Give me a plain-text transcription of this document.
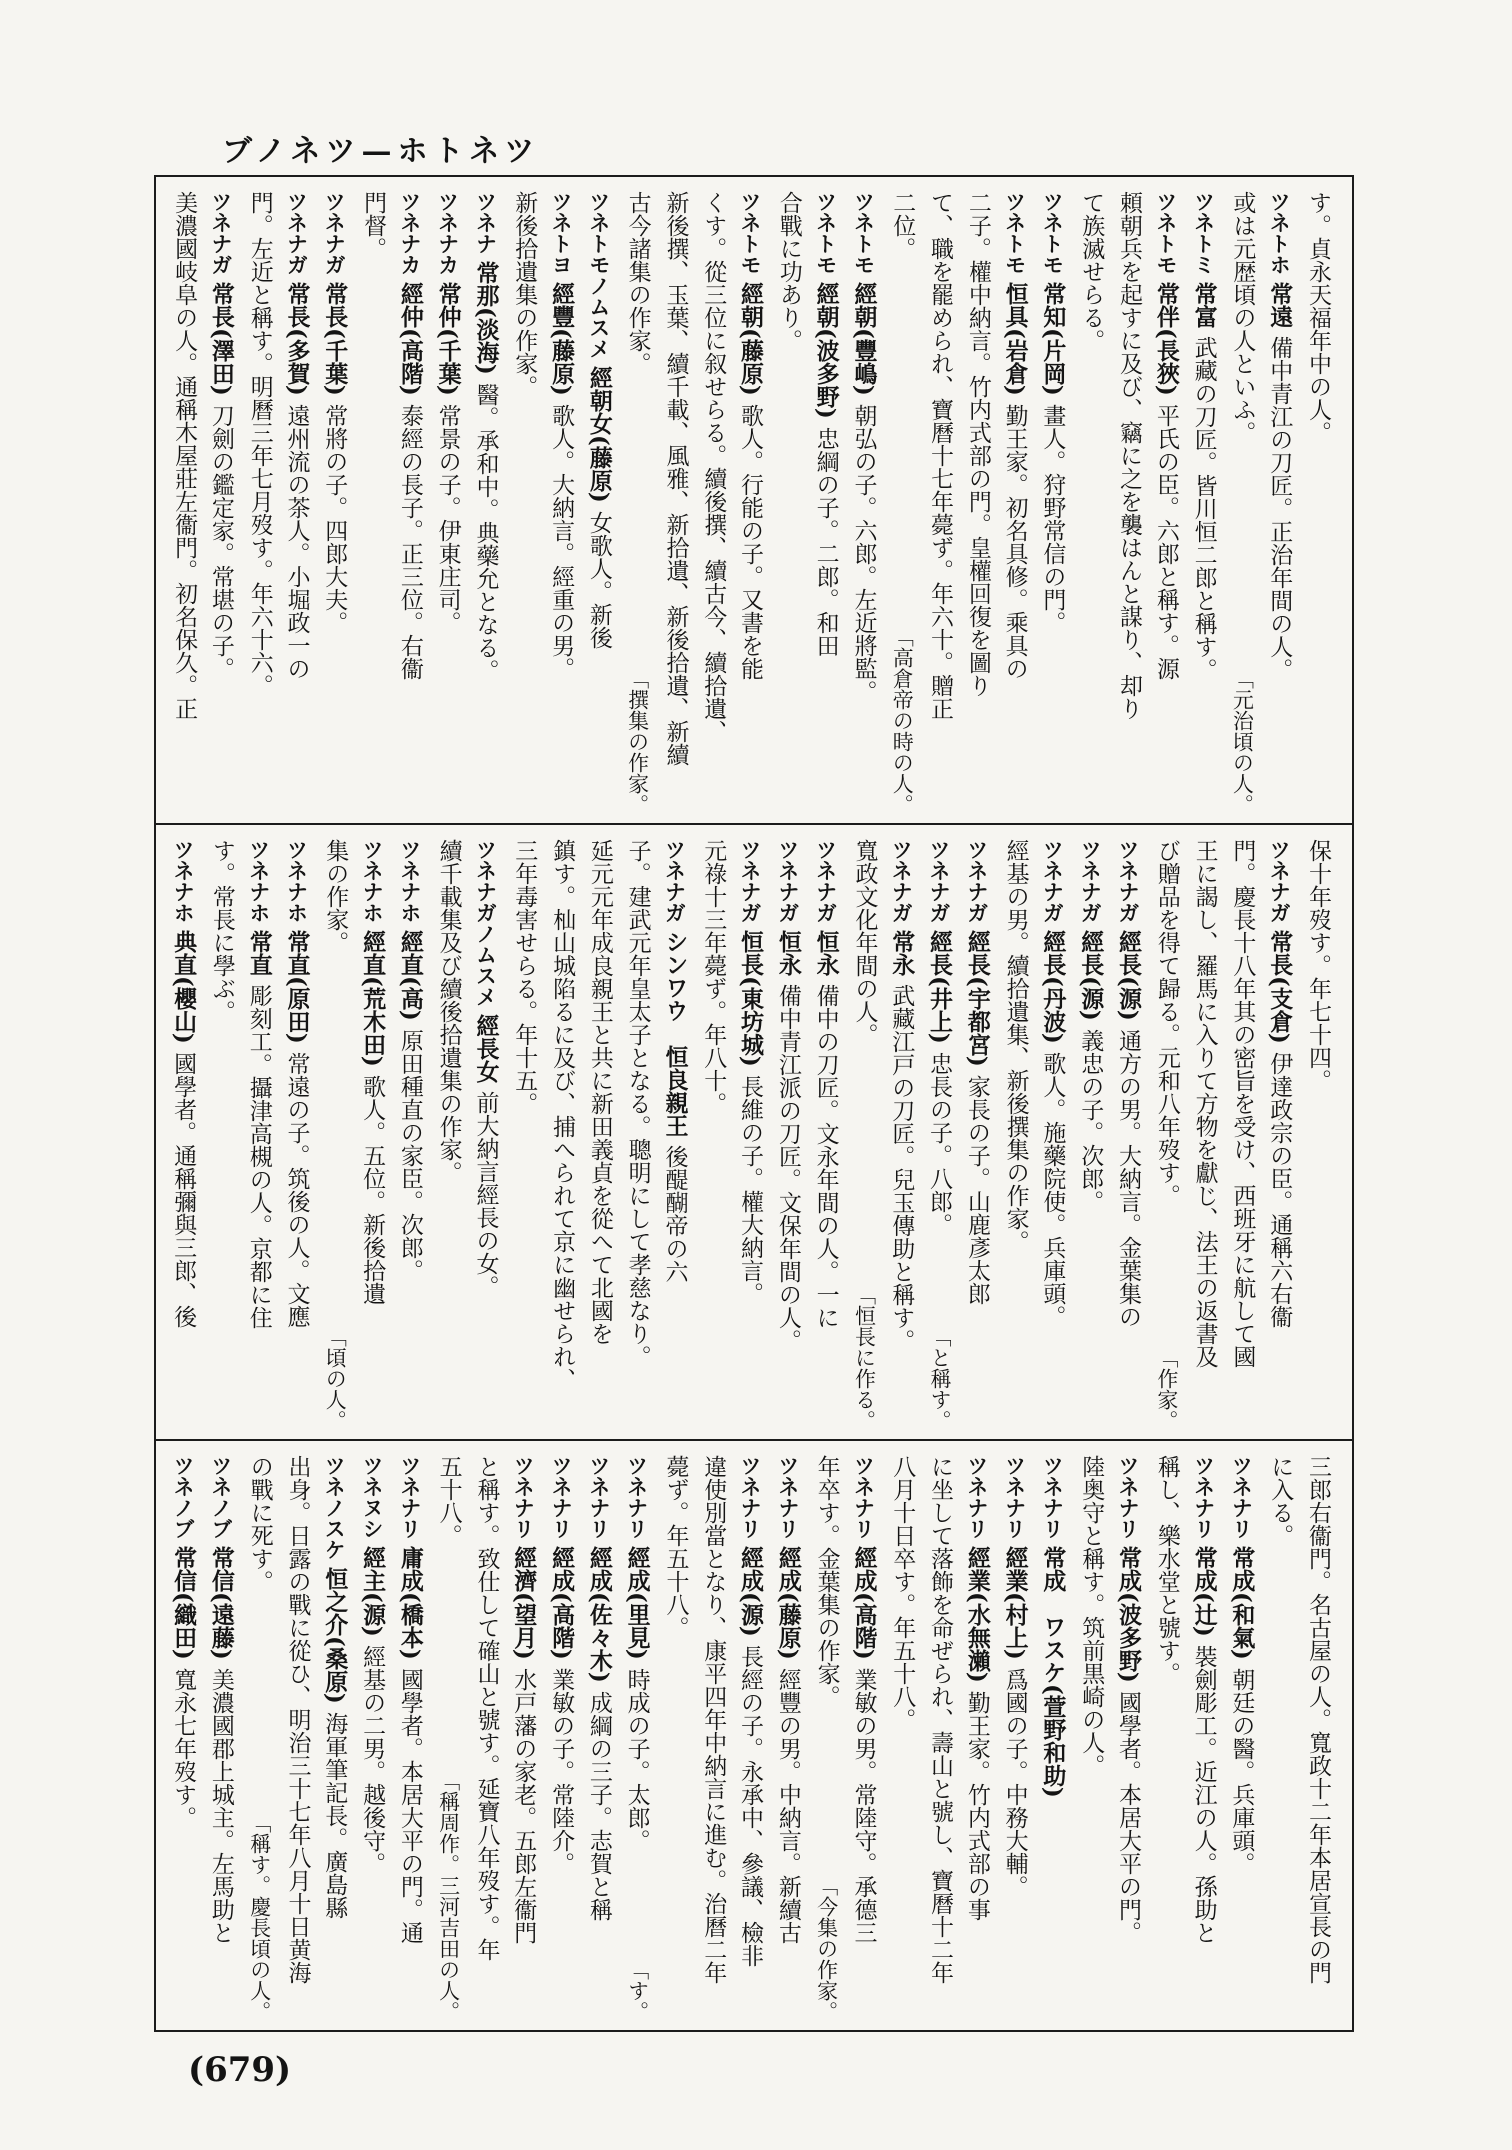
ツネトホ—ツネノブ
す。貞永天福年中の人。
ツネトホ常遠備中青江の刀匠。正治年間の人。
或は元歴頃の人といふ。
「元治頃の人。
ツネトミ常富武藏の刀匠。皆川恒二郎と稱す。
ツネトモ常伴(長狹)平氏の臣。六郎と稱す。源
頼朝兵を起すに及び、竊に之を襲はんと謀り、却り
て族滅せらる。
ツネトモ常知(片岡)畫人。狩野常信の門。
ツネトモ恒具(岩倉)勤王家。初名具修。乘具の
二子。權中納言。竹内式部の門。皇權回復を圖り
て、職を罷められ、寶曆十七年薨ず。年六十。贈正
二位。
「高倉帝の時の人。
ツネトモ經朝(豐嶋)朝弘の子。六郎。左近將監。
ツネトモ經朝(波多野)忠綱の子。二郎。和田
合戰に功あり。
ツネトモ經朝(藤原)歌人。行能の子。又書を能
くす。從三位に叙せらる。續後撰、續古今、續拾遺、
新後撰、玉葉、續千載、風雅、新拾遺、新後拾遺、新續
古今諸集の作家。
「撰集の作家。
ツネトモノムスメ經朝女(藤原)女歌人。新後
ツネトヨ經豐(藤原)歌人。大納言。經重の男。
新後拾遺集の作家。
ツネナ常那(淡海)醫。承和中。典藥允となる。
ツネナカ常仲(千葉)常景の子。伊東庄司。
ツネナカ經仲(高階)泰經の長子。正三位。右衞
門督。
ツネナガ常長(千葉)常將の子。四郎大夫。
ツネナガ常長(多賀)遠州流の茶人。小堀政一の
門。左近と稱す。明曆三年七月歿す。年六十六。
ツネナガ常長(澤田)刀劍の鑑定家。常堪の子。
美濃國岐阜の人。通稱木屋莊左衞門。初名保久。正
保十年歿す。年七十四。
ツネナガ常長(支倉)伊達政宗の臣。通稱六右衞
門。慶長十八年其の密旨を受け、西班牙に航して國
王に謁し、羅馬に入りて方物を獻じ、法王の返書及
び贈品を得て歸る。元和八年歿す。
「作家。
ツネナガ經長(源)通方の男。大納言。金葉集の
ツネナガ經長(源)義忠の子。次郎。
ツネナガ經長(丹波)歌人。施藥院使。兵庫頭。
經基の男。續拾遺集、新後撰集の作家。
ツネナガ經長(宇都宮)家長の子。山鹿彥太郎
ツネナガ經長(井上)忠長の子。八郎。
「と稱す。
ツネナガ常永武藏江戸の刀匠。兒玉傳助と稱す。
寬政文化年間の人。
「恒長に作る。
ツネナガ恒永備中の刀匠。文永年間の人。一に
ツネナガ恒永備中青江派の刀匠。文保年間の人。
ツネナガ恒長(東坊城)長維の子。權大納言。
元祿十三年薨ず。年八十。
ツネナガシンワウ　恒良親王後醍醐帝の六
子。建武元年皇太子となる。聰明にして孝慈なり。
延元元年成良親王と共に新田義貞を從へて北國を
鎮す。杣山城陷るに及び、捕へられて京に幽せられ、
三年毒害せらる。年十五。
ツネナガノムスメ經長女前大納言經長の女。
續千載集及び續後拾遺集の作家。
ツネナホ經直(高)原田種直の家臣。次郎。
ツネナホ經直(荒木田)歌人。五位。新後拾遺
集の作家。
「頃の人。
ツネナホ常直(原田)常遠の子。筑後の人。文應
ツネナホ常直彫刻工。攝津高槻の人。京都に住
す。常長に學ぶ。
ツネナホ典直(櫻山)國學者。通稱彌與三郎、後
三郎右衞門。名古屋の人。寬政十二年本居宣長の門
に入る。
ツネナリ常成(和氣)朝廷の醫。兵庫頭。
ツネナリ常成(辻)裝劍彫工。近江の人。孫助と
稱し、樂水堂と號す。
ツネナリ常成(波多野)國學者。本居大平の門。
陸奥守と稱す。筑前黒崎の人。
ツネナリ常成　ワスケ(萱野和助)
ツネナリ經業(村上)爲國の子。中務大輔。
ツネナリ經業(水無瀨)勤王家。竹内式部の事
に坐して落飾を命ぜられ、壽山と號し、寶曆十二年
八月十日卒す。年五十八。
ツネナリ經成(高階)業敏の男。常陸守。承德三
年卒す。金葉集の作家。
「今集の作家。
ツネナリ經成(藤原)經豐の男。中納言。新續古
ツネナリ經成(源)長經の子。永承中、參議、檢非
違使別當となり、康平四年中納言に進む。治曆二年
薨ず。年五十八。
ツネナリ經成(里見)時成の子。太郎。
「す。
ツネナリ經成(佐々木)成綱の三子。志賀と稱
ツネナリ經成(高階)業敏の子。常陸介。
ツネナリ經濟(望月)水戸藩の家老。五郎左衞門
と稱す。致仕して確山と號す。延寶八年歿す。年
五十八。
「稱周作。三河吉田の人。
ツネナリ庸成(橋本)國學者。本居大平の門。通
ツネヌシ經主(源)經基の二男。越後守。
ツネノスケ恒之介(桑原)海軍筆記長。廣島縣
出身。日露の戰に從ひ、明治三十七年八月十日黄海
の戰に死す。
「稱す。慶長頃の人。
ツネノブ常信(遠藤)美濃國郡上城主。左馬助と
ツネノブ常信(織田)寬永七年歿す。
(679)
